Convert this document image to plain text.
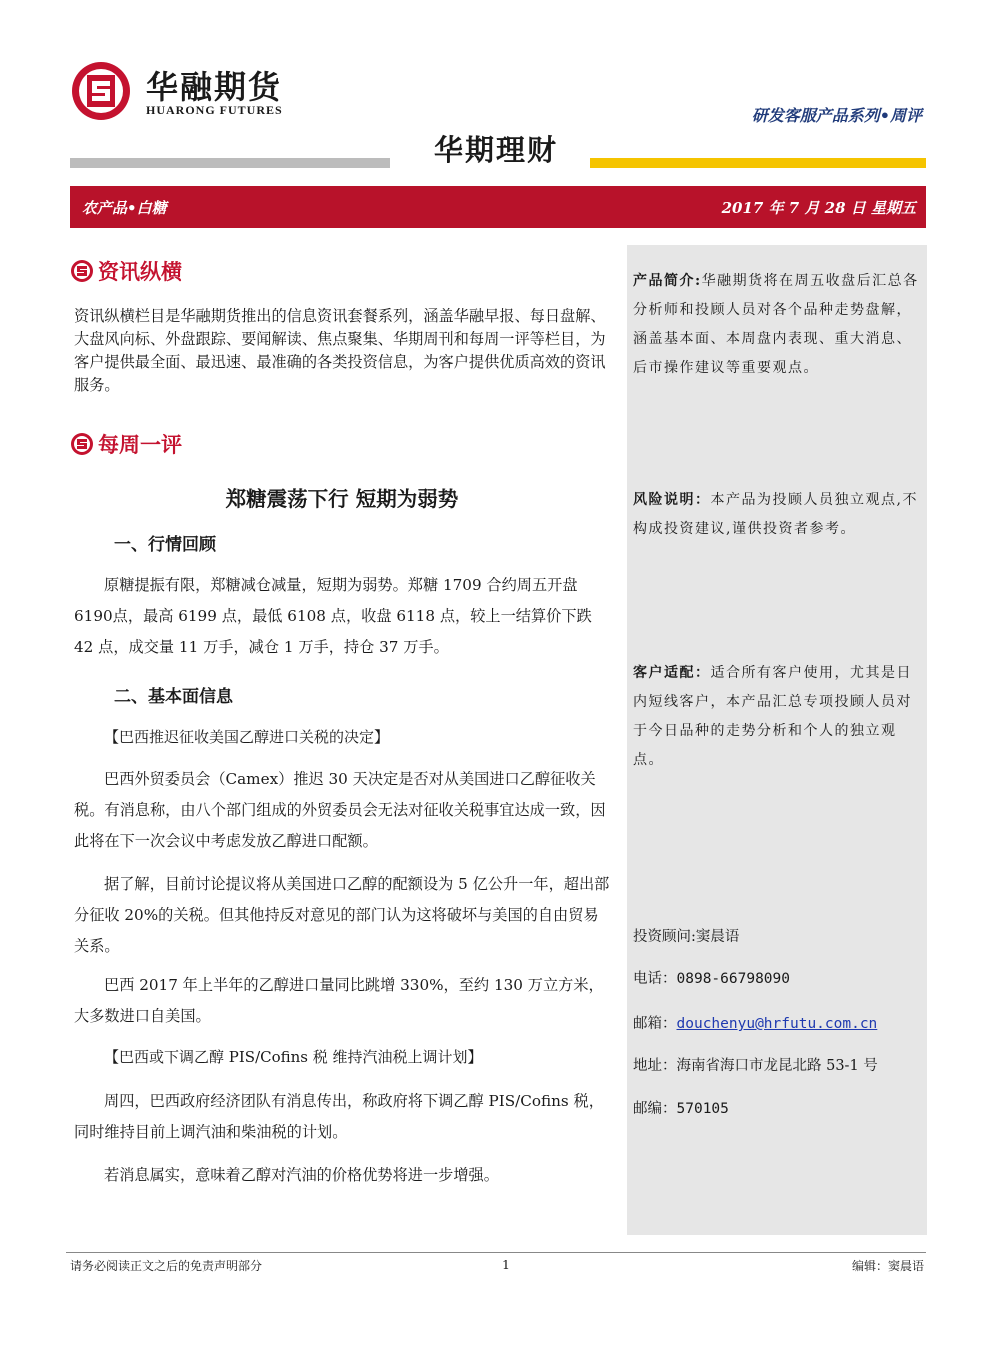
华融期货
HUARONG FUTURES	研发客服产品系列•周评
华期理财
农产品•白糖	2017 年 7 月 28 日 星期五
资讯纵横
资讯纵横栏目是华融期货推出的信息资讯套餐系列，涵盖华融早报、每日盘解、大盘风向标、外盘跟踪、要闻解读、焦点聚集、华期周刊和每周一评等栏目，为客户提供最全面、最迅速、最准确的各类投资信息，为客户提供优质高效的资讯服务。
每周一评
郑糖震荡下行 短期为弱势
一、行情回顾
原糖提振有限，郑糖减仓减量，短期为弱势。郑糖 1709 合约周五开盘6190点，最高 6199 点，最低 6108 点，收盘 6118 点，较上一结算价下跌 42 点，成交量 11 万手，减仓 1 万手，持仓 37 万手。
二、基本面信息
【巴西推迟征收美国乙醇进口关税的决定】
巴西外贸委员会（Camex）推迟 30 天决定是否对从美国进口乙醇征收关税。有消息称，由八个部门组成的外贸委员会无法对征收关税事宜达成一致，因此将在下一次会议中考虑发放乙醇进口配额。
据了解，目前讨论提议将从美国进口乙醇的配额设为 5 亿公升一年，超出部分征收 20%的关税。但其他持反对意见的部门认为这将破坏与美国的自由贸易关系。
巴西 2017 年上半年的乙醇进口量同比跳增 330%，至约 130 万立方米，大多数进口自美国。
【巴西或下调乙醇 PIS/Cofins 税 维持汽油税上调计划】
周四，巴西政府经济团队有消息传出，称政府将下调乙醇 PIS/Cofins 税，同时维持目前上调汽油和柴油税的计划。
若消息属实，意味着乙醇对汽油的价格优势将进一步增强。
产品简介:华融期货将在周五收盘后汇总各分析师和投顾人员对各个品种走势盘解，涵盖基本面、本周盘内表现、重大消息、后市操作建议等重要观点。
风险说明：本产品为投顾人员独立观点,不构成投资建议,谨供投资者参考。
客户适配：适合所有客户使用，尤其是日内短线客户，本产品汇总专项投顾人员对于今日品种的走势分析和个人的独立观点。
投资顾问:窦晨语
电话：0898-66798090
邮箱：douchenyu@hrfutu.com.cn
地址：海南省海口市龙昆北路 53-1 号
邮编：570105
请务必阅读正文之后的免责声明部分	1	编辑：窦晨语
